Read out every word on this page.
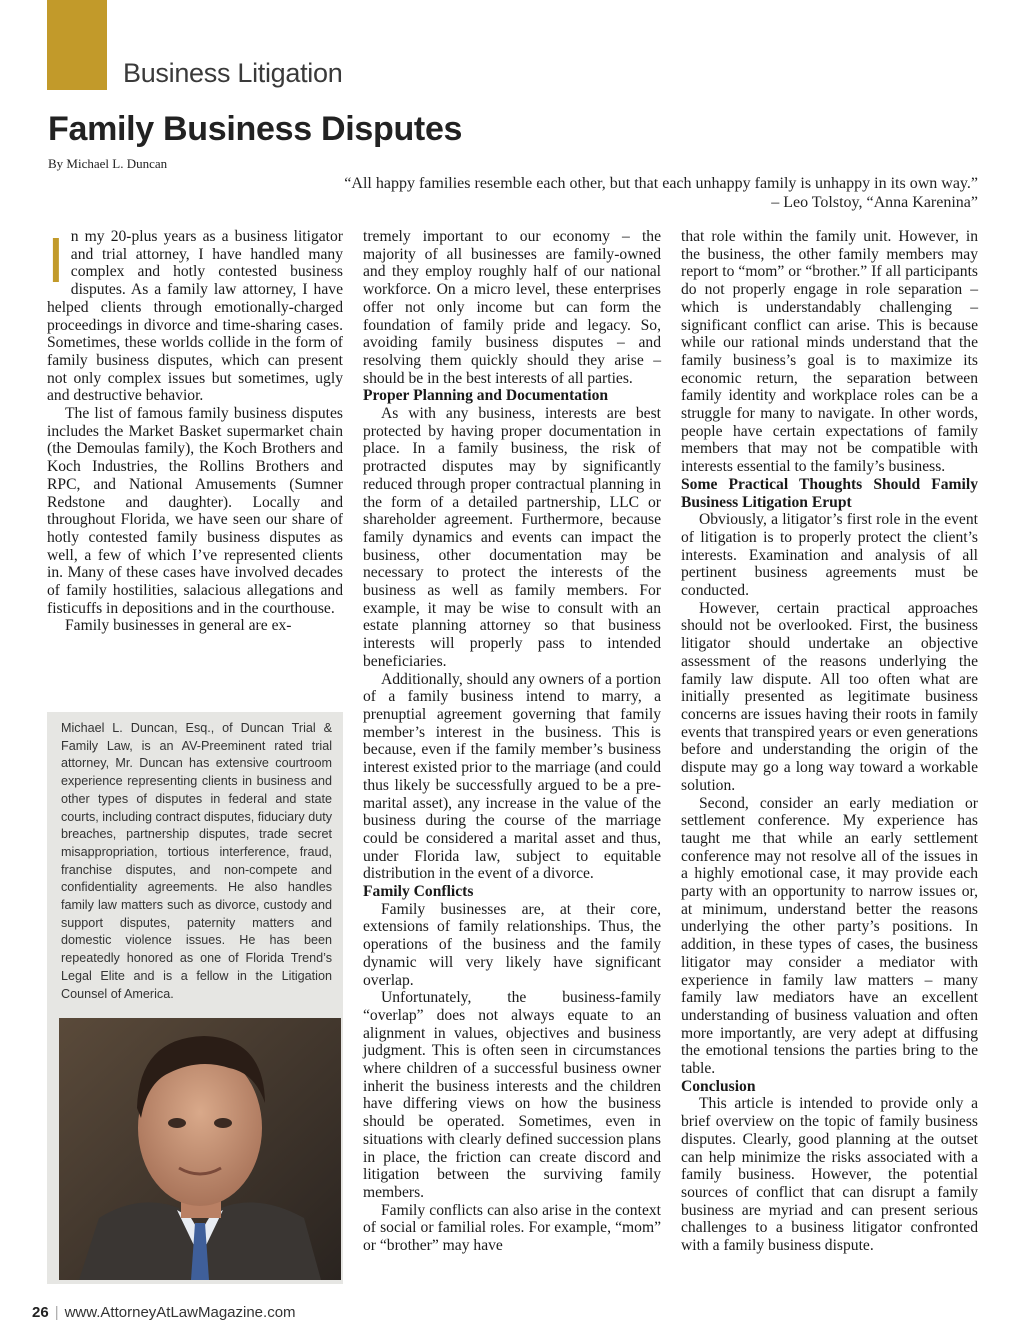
Business Litigation
Family Business Disputes
By Michael L. Duncan
“All happy families resemble each other, but that each unhappy family is unhappy in its own way.”
– Leo Tolstoy, “Anna Karenina”

In my 20-plus years as a business litigator and trial attorney, I have handled many complex and hotly contested business disputes. As a family law attorney, I have helped clients through emotionally-charged proceedings in divorce and time-sharing cases. Sometimes, these worlds collide in the form of family business disputes, which can present not only complex issues but sometimes, ugly and destructive behavior.

The list of famous family business disputes includes the Market Basket supermarket chain (the Demoulas family), the Koch Brothers and Koch Industries, the Rollins Brothers and RPC, and National Amusements (Sumner Redstone and daughter). Locally and throughout Florida, we have seen our share of hotly contested family business disputes as well, a few of which I’ve represented clients in. Many of these cases have involved decades of family hostilities, salacious allegations and fisticuffs in depositions and in the courthouse.

Family businesses in general are ex-

Michael L. Duncan, Esq., of Duncan Trial & Family Law, is an AV-Preeminent rated trial attorney, Mr. Duncan has extensive courtroom experience representing clients in business and other types of disputes in federal and state courts, including contract disputes, fiduciary duty breaches, partnership disputes, trade secret misappropriation, tortious interference, fraud, franchise disputes, and non-compete and confidentiality agreements. He also handles family law matters such as divorce, custody and support disputes, paternity matters and domestic violence issues. He has been repeatedly honored as one of Florida Trend’s Legal Elite and is a fellow in the Litigation Counsel of America.

tremely important to our economy – the majority of all businesses are family-owned and they employ roughly half of our national workforce. On a micro level, these enterprises offer not only income but can form the foundation of family pride and legacy. So, avoiding family business disputes – and resolving them quickly should they arise – should be in the best interests of all parties.

Proper Planning and Documentation

As with any business, interests are best protected by having proper documentation in place. In a family business, the risk of protracted disputes may by significantly reduced through proper contractual planning in the form of a detailed partnership, LLC or shareholder agreement. Furthermore, because family dynamics and events can impact the business, other documentation may be necessary to protect the interests of the business as well as family members. For example, it may be wise to consult with an estate planning attorney so that business interests will properly pass to intended beneficiaries.

Additionally, should any owners of a portion of a family business intend to marry, a prenuptial agreement governing that family member’s interest in the business. This is because, even if the family member’s business interest existed prior to the marriage (and could thus likely be successfully argued to be a pre-marital asset), any increase in the value of the business during the course of the marriage could be considered a marital asset and thus, under Florida law, subject to equitable distribution in the event of a divorce.

Family Conflicts

Family businesses are, at their core, extensions of family relationships. Thus, the operations of the business and the family dynamic will very likely have significant overlap.

Unfortunately, the business-family “overlap” does not always equate to an alignment in values, objectives and business judgment. This is often seen in circumstances where children of a successful business owner inherit the business interests and the children have differing views on how the business should be operated. Sometimes, even in situations with clearly defined succession plans in place, the friction can create discord and litigation between the surviving family members.

Family conflicts can also arise in the context of social or familial roles. For example, “mom” or “brother” may have

that role within the family unit. However, in the business, the other family members may report to “mom” or “brother.” If all participants do not properly engage in role separation – which is understandably challenging – significant conflict can arise. This is because while our rational minds understand that the family business’s goal is to maximize its economic return, the separation between family identity and workplace roles can be a struggle for many to navigate. In other words, people have certain expectations of family members that may not be compatible with interests essential to the family’s business.

Some Practical Thoughts Should Family Business Litigation Erupt

Obviously, a litigator’s first role in the event of litigation is to properly protect the client’s interests. Examination and analysis of all pertinent business agreements must be conducted.

However, certain practical approaches should not be overlooked. First, the business litigator should undertake an objective assessment of the reasons underlying the family law dispute. All too often what are initially presented as legitimate business concerns are issues having their roots in family events that transpired years or even generations before and understanding the origin of the dispute may go a long way toward a workable solution.

Second, consider an early mediation or settlement conference. My experience has taught me that while an early settlement conference may not resolve all of the issues in a highly emotional case, it may provide each party with an opportunity to narrow issues or, at minimum, understand better the reasons underlying the other party’s positions. In addition, in these types of cases, the business litigator may consider a mediator with experience in family law matters – many family law mediators have an excellent understanding of business valuation and often more importantly, are very adept at diffusing the emotional tensions the parties bring to the table.

Conclusion

This article is intended to provide only a brief overview on the topic of family business disputes. Clearly, good planning at the outset can help minimize the risks associated with a family business. However, the potential sources of conflict that can disrupt a family business are myriad and can present serious challenges to a business litigator confronted with a family business dispute.

26 | www.AttorneyAtLawMagazine.com
